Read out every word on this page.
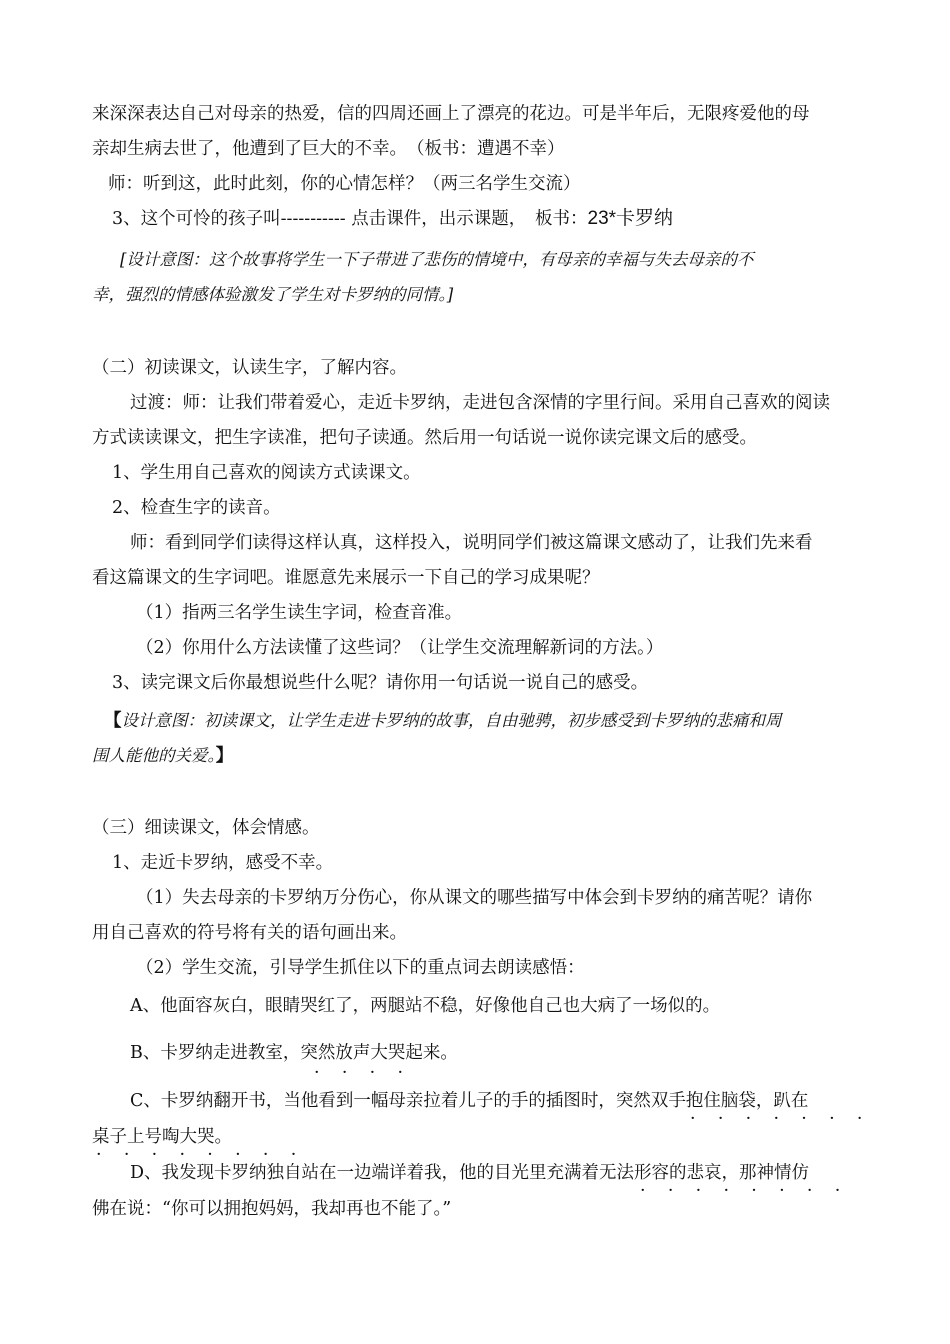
来深深表达自己对母亲的热爱，信的四周还画上了漂亮的花边。可是半年后，无限疼爱他的母
亲却生病去世了，他遭到了巨大的不幸。　（板书：遭遇不幸）
师：听到这，此时此刻，你的心情怎样？（两三名学生交流）
3、这个可怜的孩子叫----------- 点击课件，出示课题，　板书：23*卡罗纳
[设计意图：这个故事将学生一下子带进了悲伤的情境中，有母亲的幸福与失去母亲的不
幸，强烈的情感体验激发了学生对卡罗纳的同情。]
（二）初读课文，认读生字，了解内容。
过渡：师：让我们带着爱心，走近卡罗纳，走进包含深情的字里行间。采用自己喜欢的阅读
方式读读课文，把生字读准，把句子读通。然后用一句话说一说你读完课文后的感受。
1、学生用自己喜欢的阅读方式读课文。
2、检查生字的读音。
师：看到同学们读得这样认真，这样投入，说明同学们被这篇课文感动了，让我们先来看
看这篇课文的生字词吧。谁愿意先来展示一下自己的学习成果呢？
（1）指两三名学生读生字词，检查音准。
（2）你用什么方法读懂了这些词？（让学生交流理解新词的方法。）
3、读完课文后你最想说些什么呢？请你用一句话说一说自己的感受。
【设计意图：初读课文，让学生走进卡罗纳的故事，自由驰骋，初步感受到卡罗纳的悲痛和周
围人能他的关爱。】
（三）细读课文，体会情感。
1、走近卡罗纳，感受不幸。
（1）失去母亲的卡罗纳万分伤心，你从课文的哪些描写中体会到卡罗纳的痛苦呢？请你
用自己喜欢的符号将有关的语句画出来。
（2）学生交流，引导学生抓住以下的重点词去朗读感悟：
A、他面容灰白，眼睛哭红了，两腿站不稳，好像他自己也大病了一场似的。
B、卡罗纳走进教室，突然放声大哭起来。
·    ·    ·    ·
C、卡罗纳翻开书，当他看到一幅母亲拉着儿子的手的插图时，突然双手抱住脑袋，趴在
·    ·    ·    ·    ·    ·    ·
桌子上号啕大哭。
·    ·    ·    ·    ·    ·    ·    ·
D、我发现卡罗纳独自站在一边端详着我，他的目光里充满着无法形容的悲哀，那神情仿
·    ·    ·    ·    ·    ·    ·    ·
佛在说：“你可以拥抱妈妈，我却再也不能了。”
